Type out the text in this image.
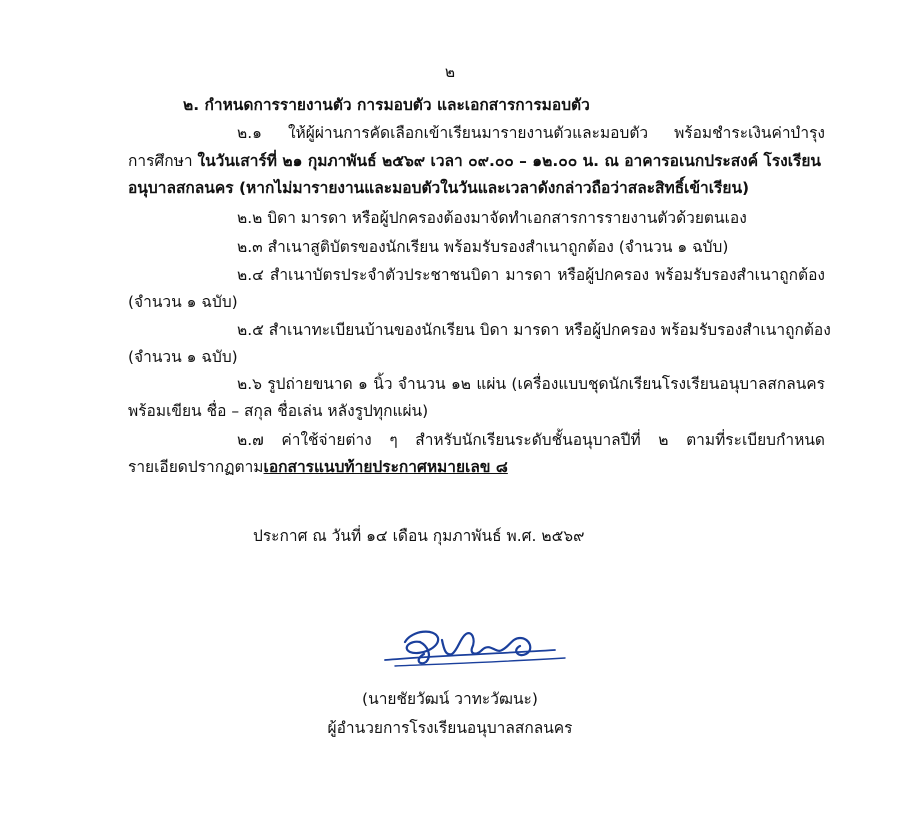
๒
๒. กำหนดการรายงานตัว การมอบตัว และเอกสารการมอบตัว
๒.๑ ให้ผู้ผ่านการคัดเลือกเข้าเรียนมารายงานตัวและมอบตัว พร้อมชำระเงินค่าบำรุง
การศึกษา ในวันเสาร์ที่ ๒๑ กุมภาพันธ์ ๒๕๖๙ เวลา ๐๙.๐๐ – ๑๒.๐๐ น. ณ อาคารอเนกประสงค์ โรงเรียน
อนุบาลสกลนคร (หากไม่มารายงานและมอบตัวในวันและเวลาดังกล่าวถือว่าสละสิทธิ์เข้าเรียน)
๒.๒ บิดา มารดา หรือผู้ปกครองต้องมาจัดทำเอกสารการรายงานตัวด้วยตนเอง
๒.๓ สำเนาสูติบัตรของนักเรียน พร้อมรับรองสำเนาถูกต้อง (จำนวน ๑ ฉบับ)
๒.๔ สำเนาบัตรประจำตัวประชาชนบิดา มารดา หรือผู้ปกครอง พร้อมรับรองสำเนาถูกต้อง
(จำนวน ๑ ฉบับ)
๒.๕ สำเนาทะเบียนบ้านของนักเรียน บิดา มารดา หรือผู้ปกครอง พร้อมรับรองสำเนาถูกต้อง
(จำนวน ๑ ฉบับ)
๒.๖ รูปถ่ายขนาด ๑ นิ้ว จำนวน ๑๒ แผ่น (เครื่องแบบชุดนักเรียนโรงเรียนอนุบาลสกลนคร
พร้อมเขียน ชื่อ – สกุล ชื่อเล่น หลังรูปทุกแผ่น)
๒.๗ ค่าใช้จ่ายต่าง ๆ สำหรับนักเรียนระดับชั้นอนุบาลปีที่ ๒ ตามที่ระเบียบกำหนด
รายเอียดปรากฏตามเอกสารแนบท้ายประกาศหมายเลข ๘
ประกาศ ณ วันที่ ๑๔ เดือน กุมภาพันธ์ พ.ศ. ๒๕๖๙
(นายชัยวัฒน์ วาทะวัฒนะ)
ผู้อำนวยการโรงเรียนอนุบาลสกลนคร
